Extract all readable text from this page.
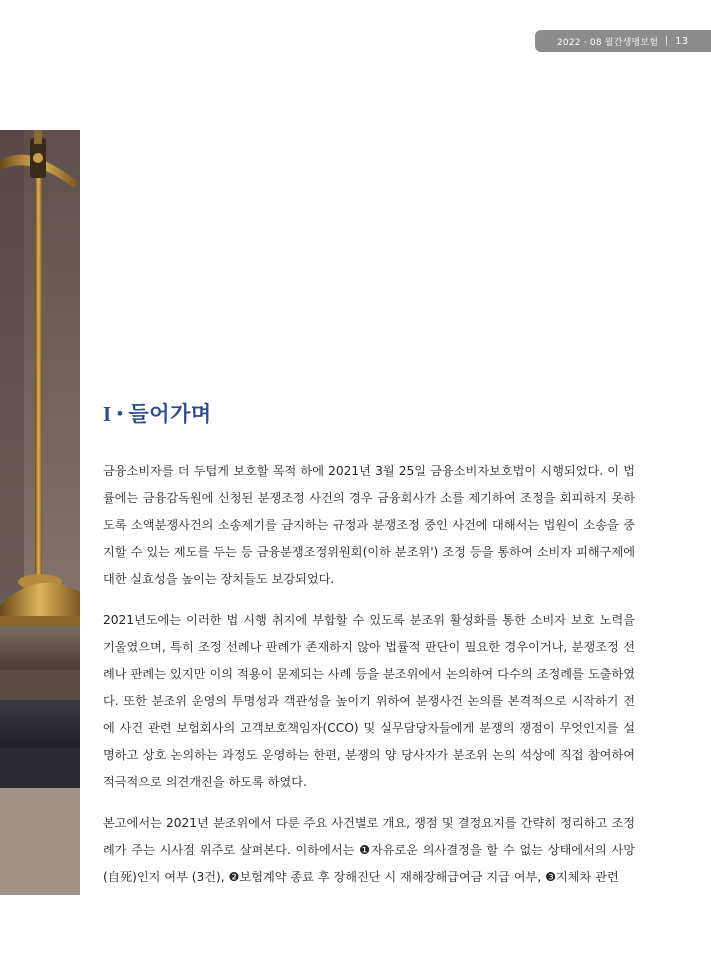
2022 · 08 월간생명보험 13
I • 들어가며
금융소비자를 더 두텁게 보호할 목적 하에 2021년 3월 25일 금융소비자보호법이 시행되었다. 이 법률에는 금융감독원에 신청된 분쟁조정 사건의 경우 금융회사가 소를 제기하여 조정을 회피하지 못하도록 소액분쟁사건의 소송제기를 금지하는 규정과 분쟁조정 중인 사건에 대해서는 법원이 소송을 중지할 수 있는 제도를 두는 등 금융분쟁조정위원회(이하 분조위') 조정 등을 통하여 소비자 피해구제에 대한 실효성을 높이는 장치들도 보강되었다.
2021년도에는 이러한 법 시행 취지에 부합할 수 있도록 분조위 활성화를 통한 소비자 보호 노력을 기울였으며, 특히 조정 선례나 판례가 존재하지 않아 법률적 판단이 필요한 경우이거나, 분쟁조정 선례나 판례는 있지만 이의 적용이 문제되는 사례 등을 분조위에서 논의하여 다수의 조정례를 도출하였다. 또한 분조위 운영의 투명성과 객관성을 높이기 위하여 분쟁사건 논의를 본격적으로 시작하기 전에 사건 관련 보험회사의 고객보호책임자(CCO) 및 실무담당자들에게 분쟁의 쟁점이 무엇인지를 설명하고 상호 논의하는 과정도 운영하는 한편, 분쟁의 양 당사자가 분조위 논의 석상에 직접 참여하여 적극적으로 의견개진을 하도록 하였다.
본고에서는 2021년 분조위에서 다룬 주요 사건별로 개요, 쟁점 및 결정요지를 간략히 정리하고 조정례가 주는 시사점 위주로 살펴본다. 이하에서는 ❶자유로운 의사결정을 할 수 없는 상태에서의 사망(自死)인지 여부 (3건), ❷보험계약 종료 후 장해진단 시 재해장해급여금 지급 여부, ❸지체차 관련
